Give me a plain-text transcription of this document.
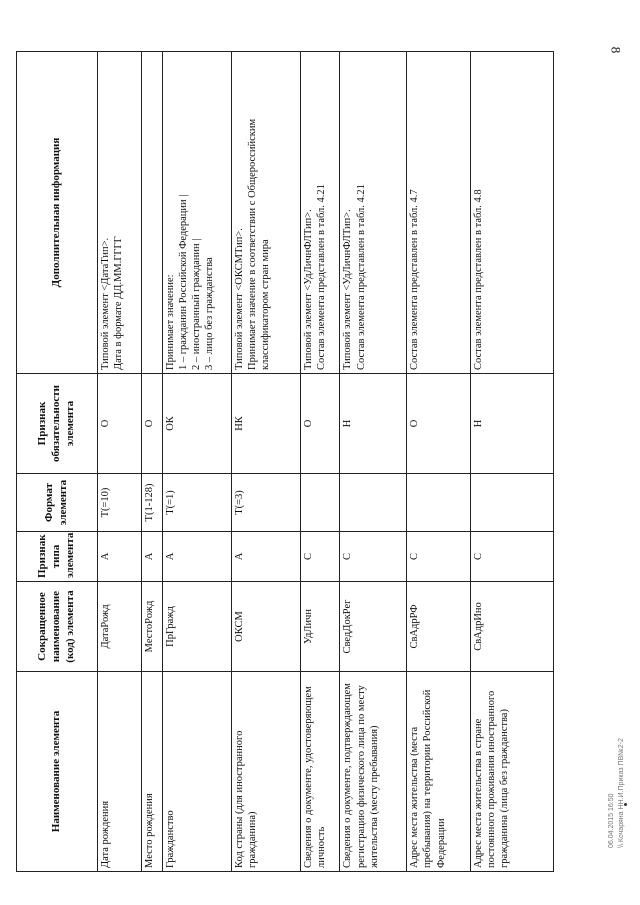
8
Наименование элемента	Сокращенное наименование (код) элемента	Признак типа элемента	Формат элемента	Признак обязательности элемента	Дополнительная информация
Дата рождения	ДатаРожд	А	T(=10)	О	Типовой элемент <ДатаТип>.
Дата в формате ДД.ММ.ГГГГ
Место рождения	МестоРожд	А	T(1-128)	О	
Гражданство	ПрГражд	А	T(=1)	ОК	Принимает значение:
1 – гражданин Российской Федерации |
2 – иностранный гражданин |
3 – лицо без гражданства
Код страны (для иностранного гражданина)	ОКСМ	А	T(=3)	НК	Типовой элемент <ОКСМТип>.
Принимает значение в соответствии с Общероссийским классификатором стран мира
Сведения о документе, удостоверяющем личность	УдЛичн	С		О	Типовой элемент <УдЛичнФЛТип>.
Состав элемента представлен в табл. 4.21
Сведения о документе, подтверждающем регистрацию физического лица по месту жительства (месту пребывания)	СведДокРег	С		Н	Типовой элемент <УдЛичнФЛТип>.
Состав элемента представлен в табл. 4.21
Адрес места жительства (места пребывания) на территории Российской Федерации	СвАдрРФ	С		О	Состав элемента представлен в табл. 4.7
Адрес места жительства в стране постоянного проживания иностранного гражданина (лица без гражданства)	СвАдрИно	С		Н	Состав элемента представлен в табл. 4.8
06.04.2015 16:50 \\ Кочаряна НН.И.Приказ ПВ№2-2
